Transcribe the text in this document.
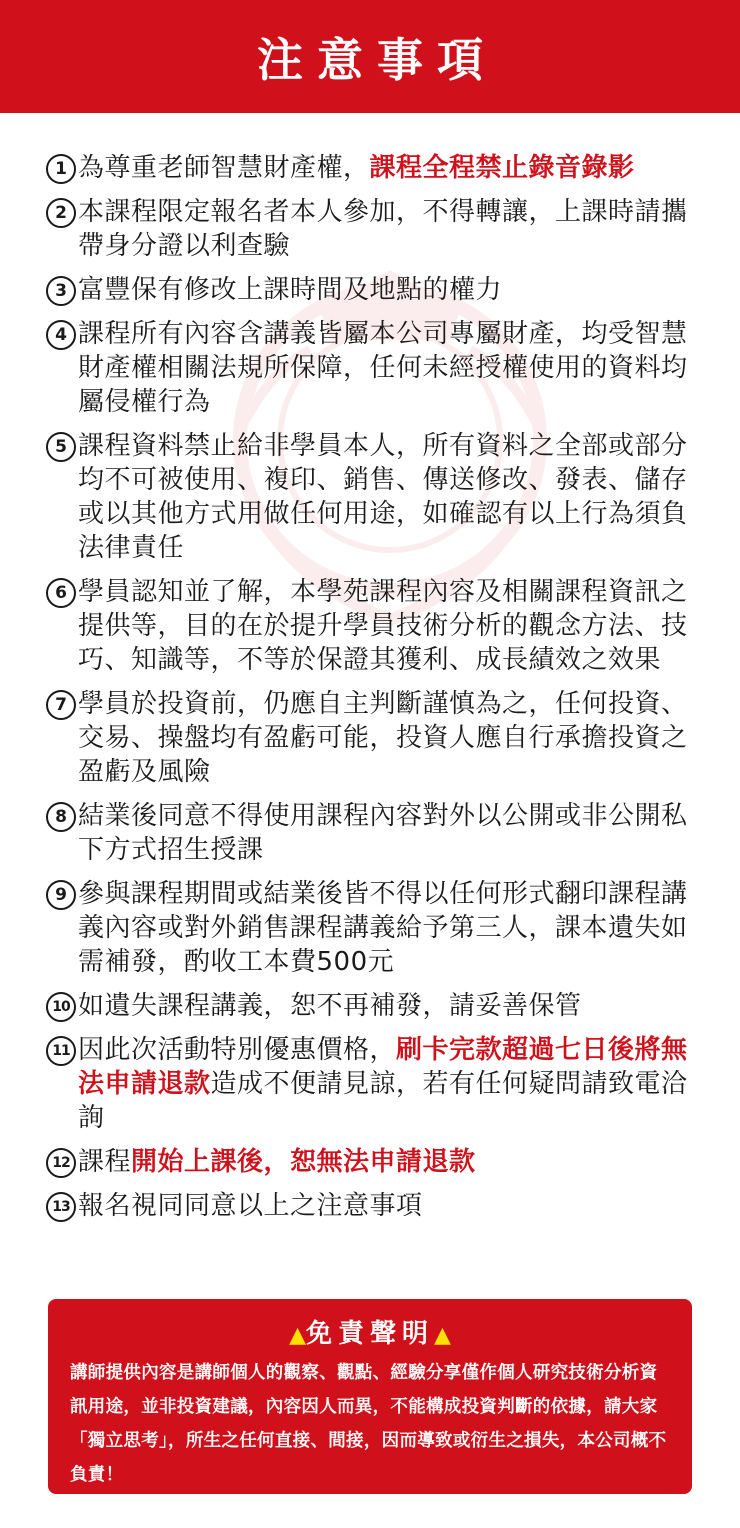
注意事項
1 為尊重老師智慧財產權，課程全程禁止錄音錄影
2 本課程限定報名者本人參加，不得轉讓，上課時請攜帶身分證以利查驗
3 富豐保有修改上課時間及地點的權力
4 課程所有內容含講義皆屬本公司專屬財產，均受智慧財產權相關法規所保障，任何未經授權使用的資料均屬侵權行為
5 課程資料禁止給非學員本人，所有資料之全部或部分均不可被使用、複印、銷售、傳送修改、發表、儲存或以其他方式用做任何用途，如確認有以上行為須負法律責任
6 學員認知並了解，本學苑課程內容及相關課程資訊之提供等，目的在於提升學員技術分析的觀念方法、技巧、知識等，不等於保證其獲利、成長績效之效果
7 學員於投資前，仍應自主判斷謹慎為之，任何投資、交易、操盤均有盈虧可能，投資人應自行承擔投資之盈虧及風險
8 結業後同意不得使用課程內容對外以公開或非公開私下方式招生授課
9 參與課程期間或結業後皆不得以任何形式翻印課程講義內容或對外銷售課程講義給予第三人，課本遺失如需補發，酌收工本費500元
10 如遺失課程講義，恕不再補發，請妥善保管
11 因此次活動特別優惠價格，刷卡完款超過七日後將無法申請退款造成不便請見諒，若有任何疑問請致電洽詢
12 課程開始上課後，恕無法申請退款
13 報名視同同意以上之注意事項
▲免責聲明▲

講師提供內容是講師個人的觀察、觀點、經驗分享僅作個人研究技術分析資訊用途，並非投資建議，內容因人而異，不能構成投資判斷的依據，請大家「獨立思考」，所生之任何直接、間接，因而導致或衍生之損失，本公司概不負責！
